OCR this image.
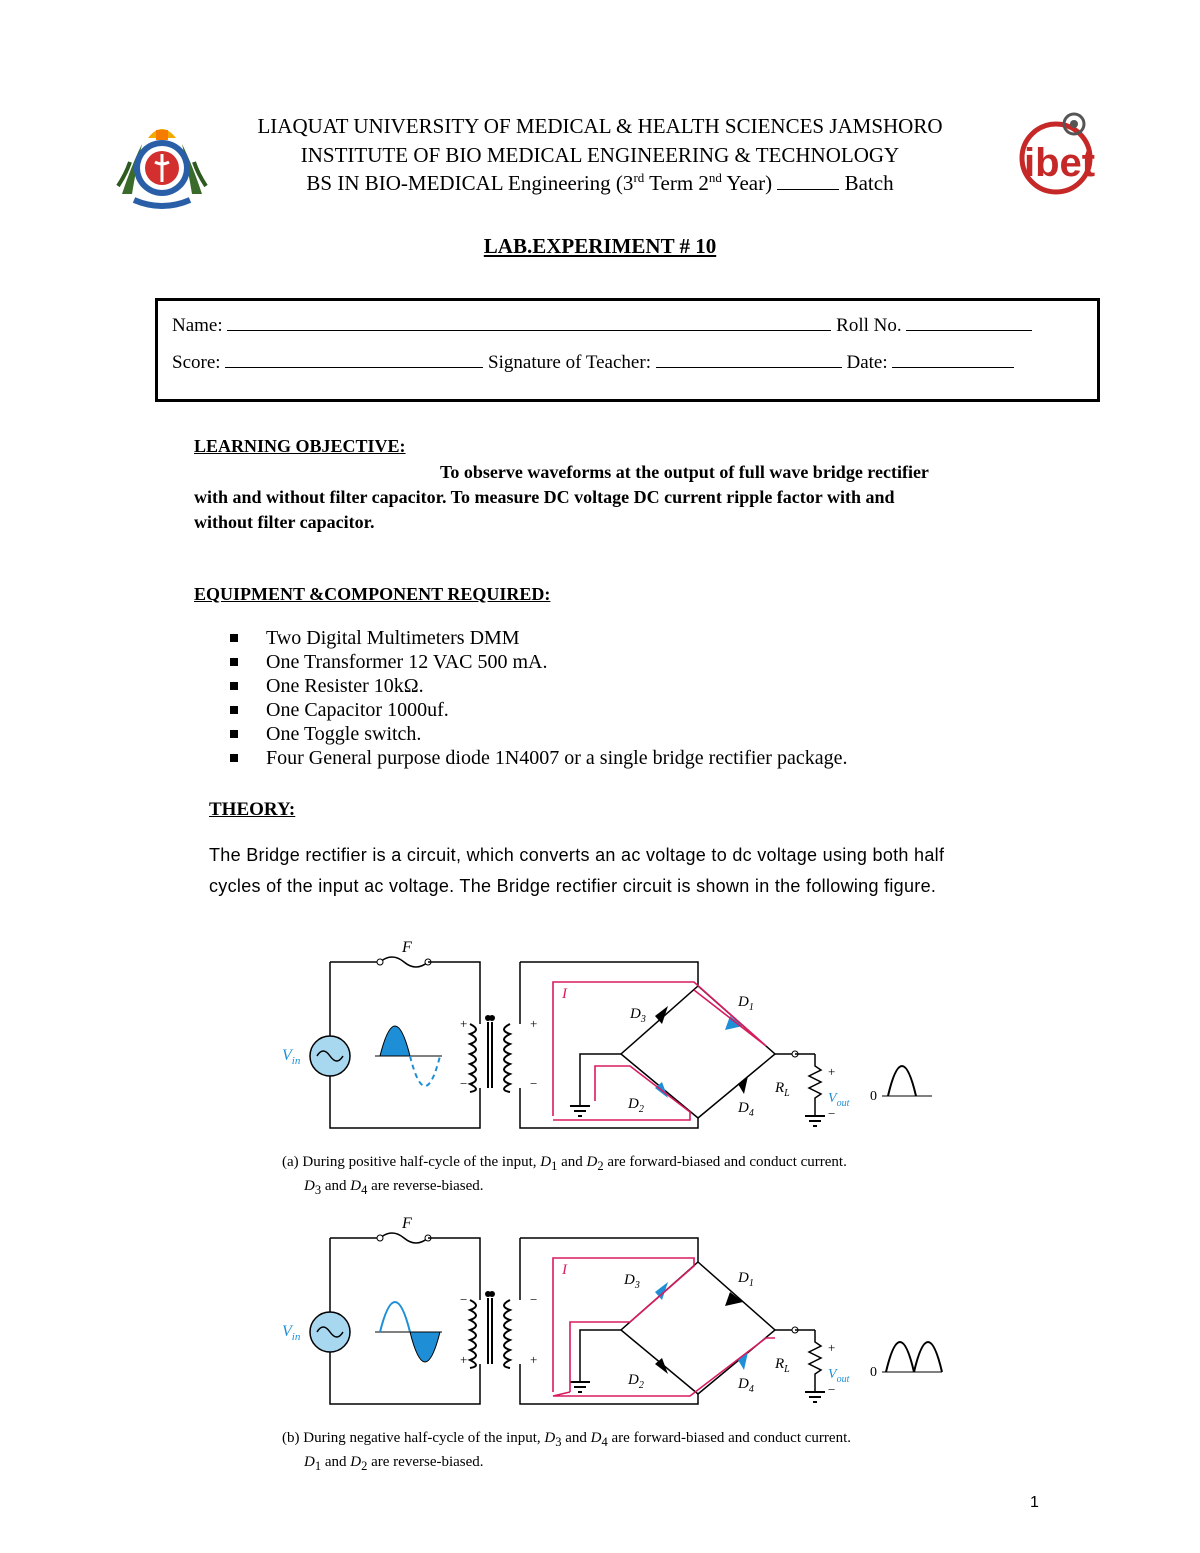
ibet
LIAQUAT UNIVERSITY OF MEDICAL & HEALTH SCIENCES JAMSHORO
INSTITUTE OF BIO MEDICAL ENGINEERING & TECHNOLOGY
BS IN BIO-MEDICAL Engineering (3rd Term 2nd Year)	Batch
LAB.EXPERIMENT # 10
Name:	Roll No.
Score:	Signature of Teacher:	Date:
LEARNING OBJECTIVE:
To observe waveforms at the output of full wave bridge rectifier
with and without filter capacitor. To measure DC voltage DC current ripple factor with and
without filter capacitor.
EQUIPMENT &COMPONENT REQUIRED:
Two Digital Multimeters DMM
One Transformer 12 VAC 500 mA.
One Resister 10kΩ.
One Capacitor 1000uf.
One Toggle switch.
Four General purpose diode 1N4007 or a single bridge rectifier package.
THEORY:
The Bridge rectifier is a circuit, which converts an ac voltage to dc voltage using both half
cycles of the input ac voltage. The Bridge rectifier circuit is shown in the following figure.
F
$V_{in}$
+
−
+
−
$D_3$
$D_1$
$D_2$	$D_4$
$R_L$
+
$V_{out}$
−
0
I
(a) During positive half-cycle of the input, $D_1$ and $D_2$ are forward-biased and conduct current.
$D_3$ and $D_4$ are reverse-biased.
F
$V_{in}$
−
+
−
+
$D_3$	$D_1$
$D_2$	$D_4$
$R_L$
+
$V_{out}$
−
0
I
(b) During negative half-cycle of the input, $D_3$ and $D_4$ are forward-biased and conduct current.
$D_1$ and $D_2$ are reverse-biased.
1
